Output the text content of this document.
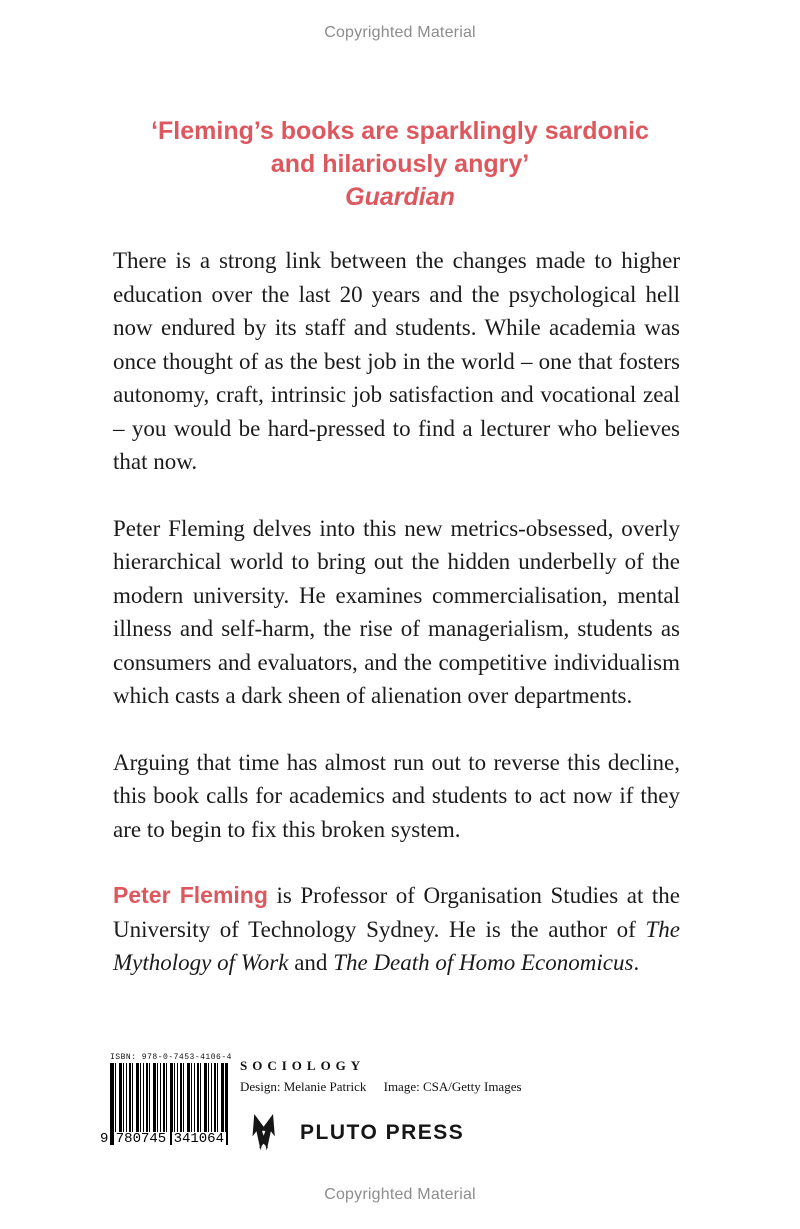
Copyrighted Material
‘Fleming’s books are sparklingly sardonic
and hilariously angry’
Guardian

There is a strong link between the changes made to higher education over the last 20 years and the psychological hell now endured by its staff and students. While academia was once thought of as the best job in the world – one that fosters autonomy, craft, intrinsic job satisfaction and vocational zeal – you would be hard-pressed to find a lecturer who believes that now.

Peter Fleming delves into this new metrics-obsessed, overly hierarchical world to bring out the hidden underbelly of the modern university. He examines commercialisation, mental illness and self-harm, the rise of managerialism, students as consumers and evaluators, and the competitive individualism which casts a dark sheen of alienation over departments.

Arguing that time has almost run out to reverse this decline, this book calls for academics and students to act now if they are to begin to fix this broken system.

Peter Fleming is Professor of Organisation Studies at the University of Technology Sydney. He is the author of The Mythology of Work and The Death of Homo Economicus.

ISBN: 978-0-7453-4106-4
9 780745 341064
SOCIOLOGY
Design: Melanie Patrick Image: CSA/Getty Images
PLUTO PRESS
Copyrighted Material
